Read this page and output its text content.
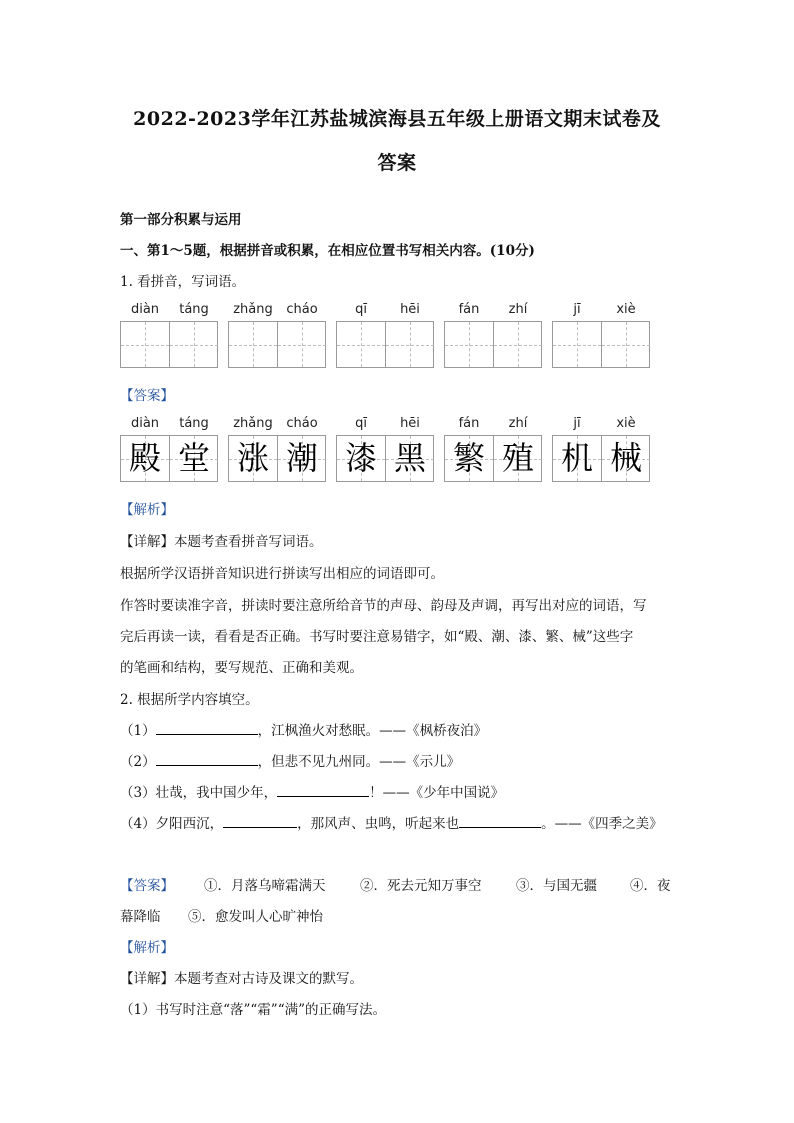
2022-2023学年江苏盐城滨海县五年级上册语文期末试卷及
答案
第一部分积累与运用
一、第1～5题，根据拼音或积累，在相应位置书写相关内容。(10分)
1. 看拼音，写词语。
diàn	táng	zhǎng	cháo	qī	hēi	fán	zhí	jī	xiè
【答案】
diàn	táng	zhǎng	cháo	qī	hēi	fán	zhí	jī	xiè
殿 堂 涨 潮 漆 黑 繁 殖 机 械
【解析】
【详解】本题考查看拼音写词语。
根据所学汉语拼音知识进行拼读写出相应的词语即可。
作答时要读准字音，拼读时要注意所给音节的声母、韵母及声调，再写出对应的词语，写
完后再读一读，看看是否正确。书写时要注意易错字，如“殿、潮、漆、繁、械”这些字
的笔画和结构，要写规范、正确和美观。
2. 根据所学内容填空。
（1）	，江枫渔火对愁眠。——《枫桥夜泊》
（2）	，但悲不见九州同。——《示儿》
（3）壮哉，我中国少年，	！——《少年中国说》
（4）夕阳西沉，	，那风声、虫鸣，听起来也	。——《四季之美》
【答案】 ①．月落乌啼霜满天	②．死去元知万事空	③．与国无疆 ④．夜
幕降临 ⑤．愈发叫人心旷神怡
【解析】
【详解】本题考查对古诗及课文的默写。
（1）书写时注意“落”“霜”“满”的正确写法。
